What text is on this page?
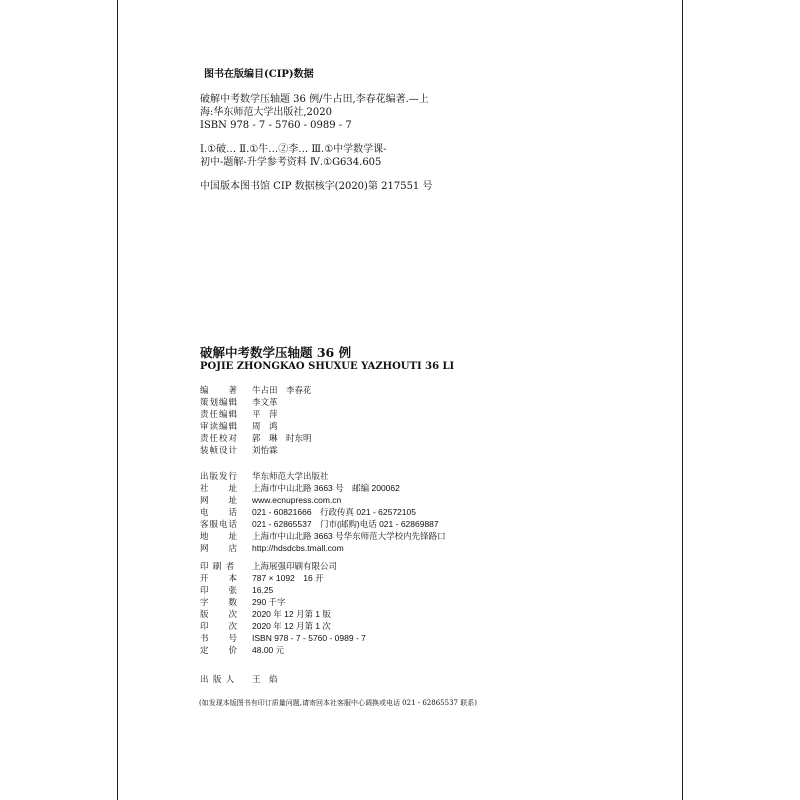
图书在版编目(CIP)数据

破解中考数学压轴题 36 例/牛占田,李春花编著.—上

海:华东师范大学出版社,2020

ISBN 978 - 7 - 5760 - 0989 - 7

Ⅰ.①破… Ⅱ.①牛…②李… Ⅲ.①中学数学课-

初中-题解-升学参考资料 Ⅳ.①G634.605

中国版本图书馆 CIP 数据核字(2020)第 217551 号

破解中考数学压轴题 36 例
POJIE ZHONGKAO SHUXUE YAZHOUTI 36 LI
编　　著	牛占田　李春花
策划编辑	李文革
责任编辑	平　萍
审读编辑	周　鸿
责任校对	郭　琳　时东明
装帧设计	刘怡霖
出版发行	华东师范大学出版社
社　　址	上海市中山北路 3663 号　邮编 200062
网　　址	www.ecnupress.com.cn
电　　话	021 - 60821666　行政传真 021 - 62572105
客服电话	021 - 62865537　门市(邮购)电话 021 - 62869887
地　　址	上海市中山北路 3663 号华东师范大学校内先锋路口
网　　店	http://hdsdcbs.tmall.com
印 刷 者	上海展强印刷有限公司
开　　本	787 × 1092　16 开
印　　张	16.25
字　　数	290 千字
版　　次	2020 年 12 月第 1 版
印　　次	2020 年 12 月第 1 次
书　　号	ISBN 978 - 7 - 5760 - 0989 - 7
定　　价	48.00 元
出 版 人	王　焰
(如发现本版图书有印订质量问题,请寄回本社客服中心调换或电话 021 - 62865537 联系)
